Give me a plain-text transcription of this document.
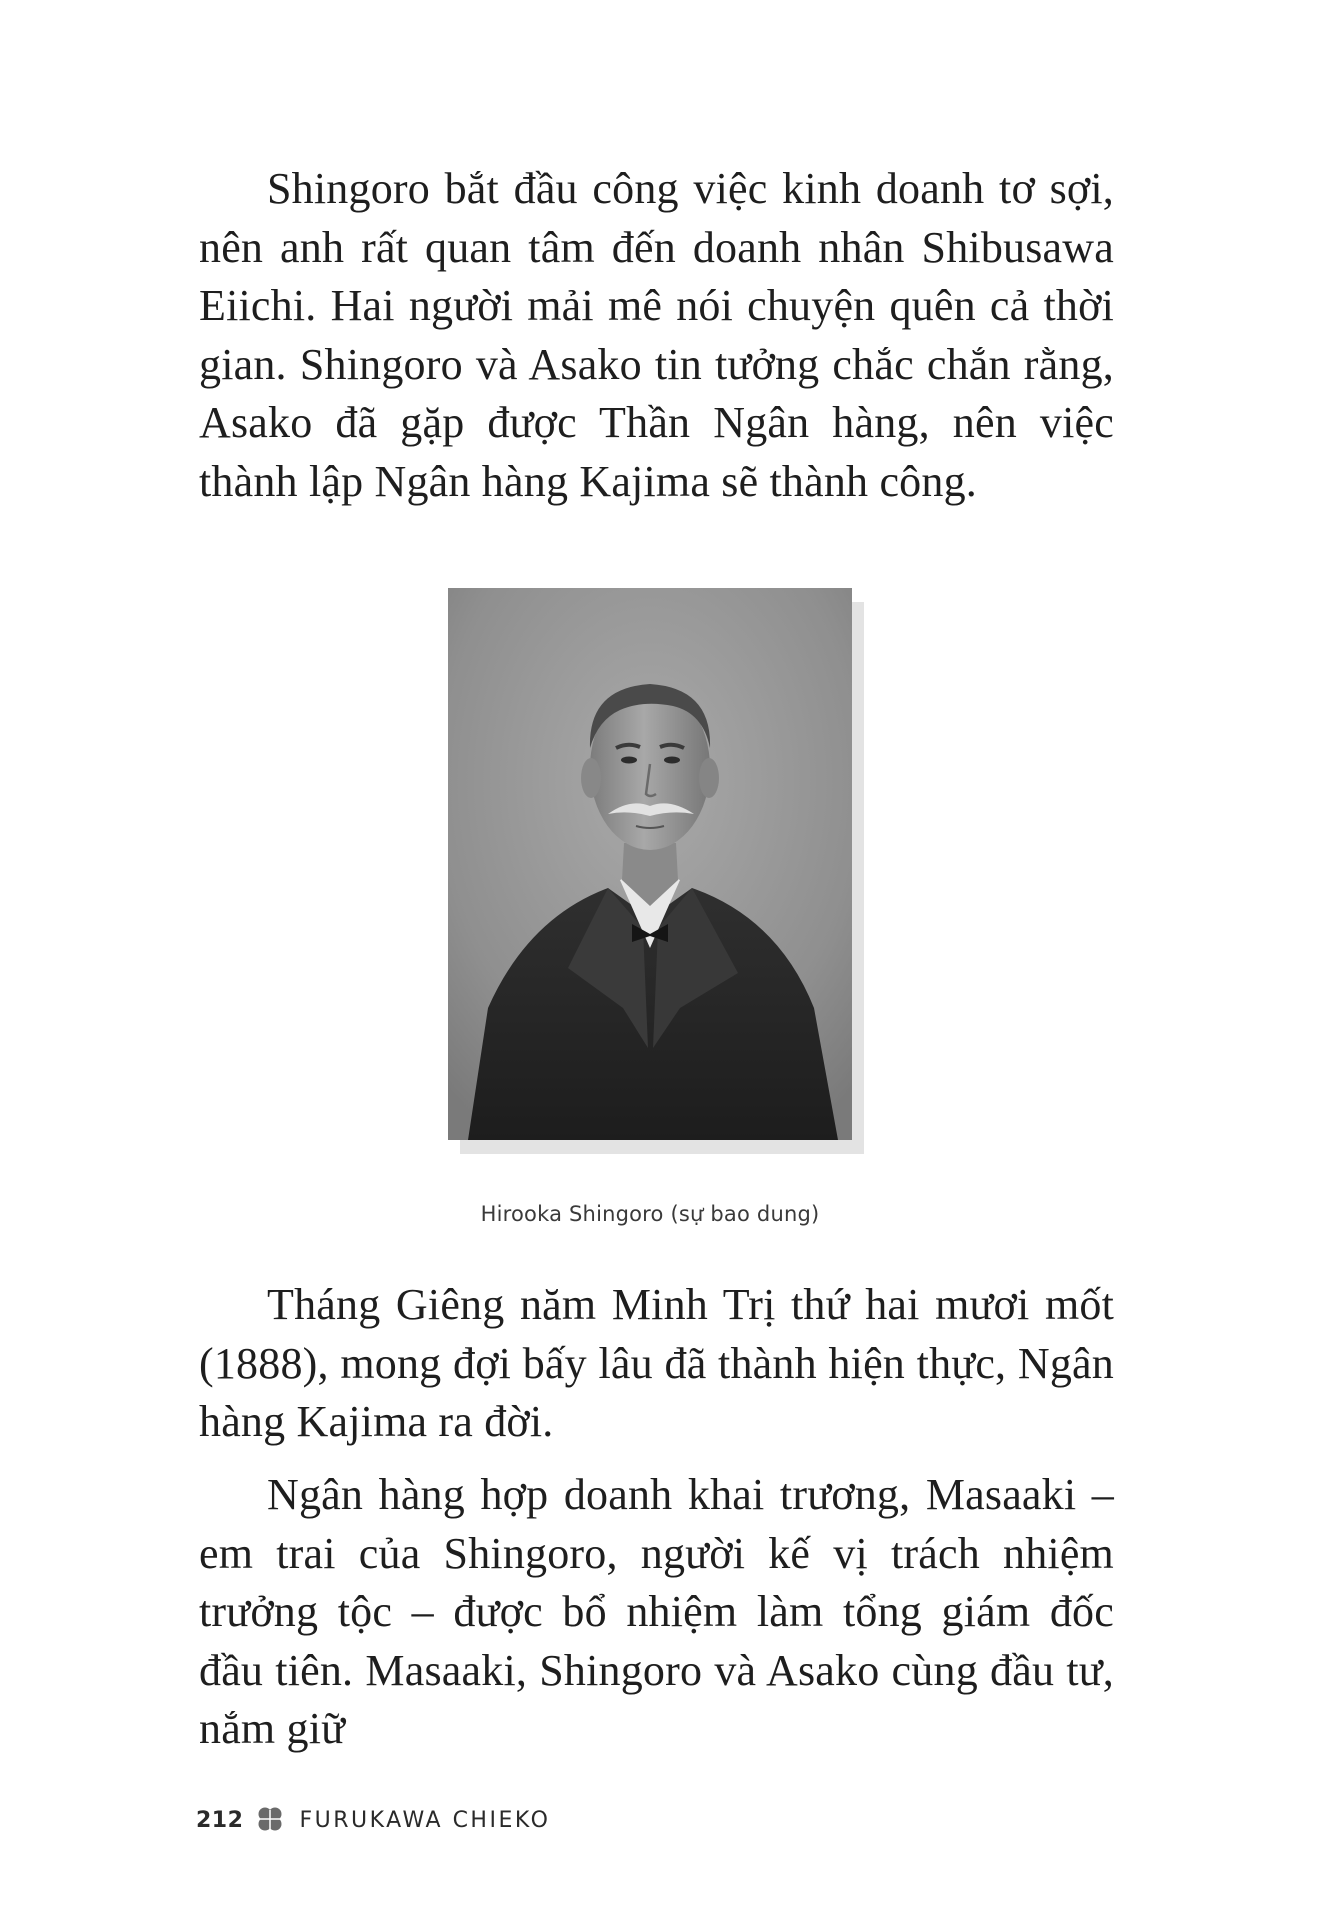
Shingoro bắt đầu công việc kinh doanh tơ sợi, nên anh rất quan tâm đến doanh nhân Shibusawa Eiichi. Hai người mải mê nói chuyện quên cả thời gian. Shingoro và Asako tin tưởng chắc chắn rằng, Asako đã gặp được Thần Ngân hàng, nên việc thành lập Ngân hàng Kajima sẽ thành công.

Hirooka Shingoro (sự bao dung)

Tháng Giêng năm Minh Trị thứ hai mươi mốt (1888), mong đợi bấy lâu đã thành hiện thực, Ngân hàng Kajima ra đời.

Ngân hàng hợp doanh khai trương, Masaaki – em trai của Shingoro, người kế vị trách nhiệm trưởng tộc – được bổ nhiệm làm tổng giám đốc đầu tiên. Masaaki, Shingoro và Asako cùng đầu tư, nắm giữ

212	FURUKAWA CHIEKO
